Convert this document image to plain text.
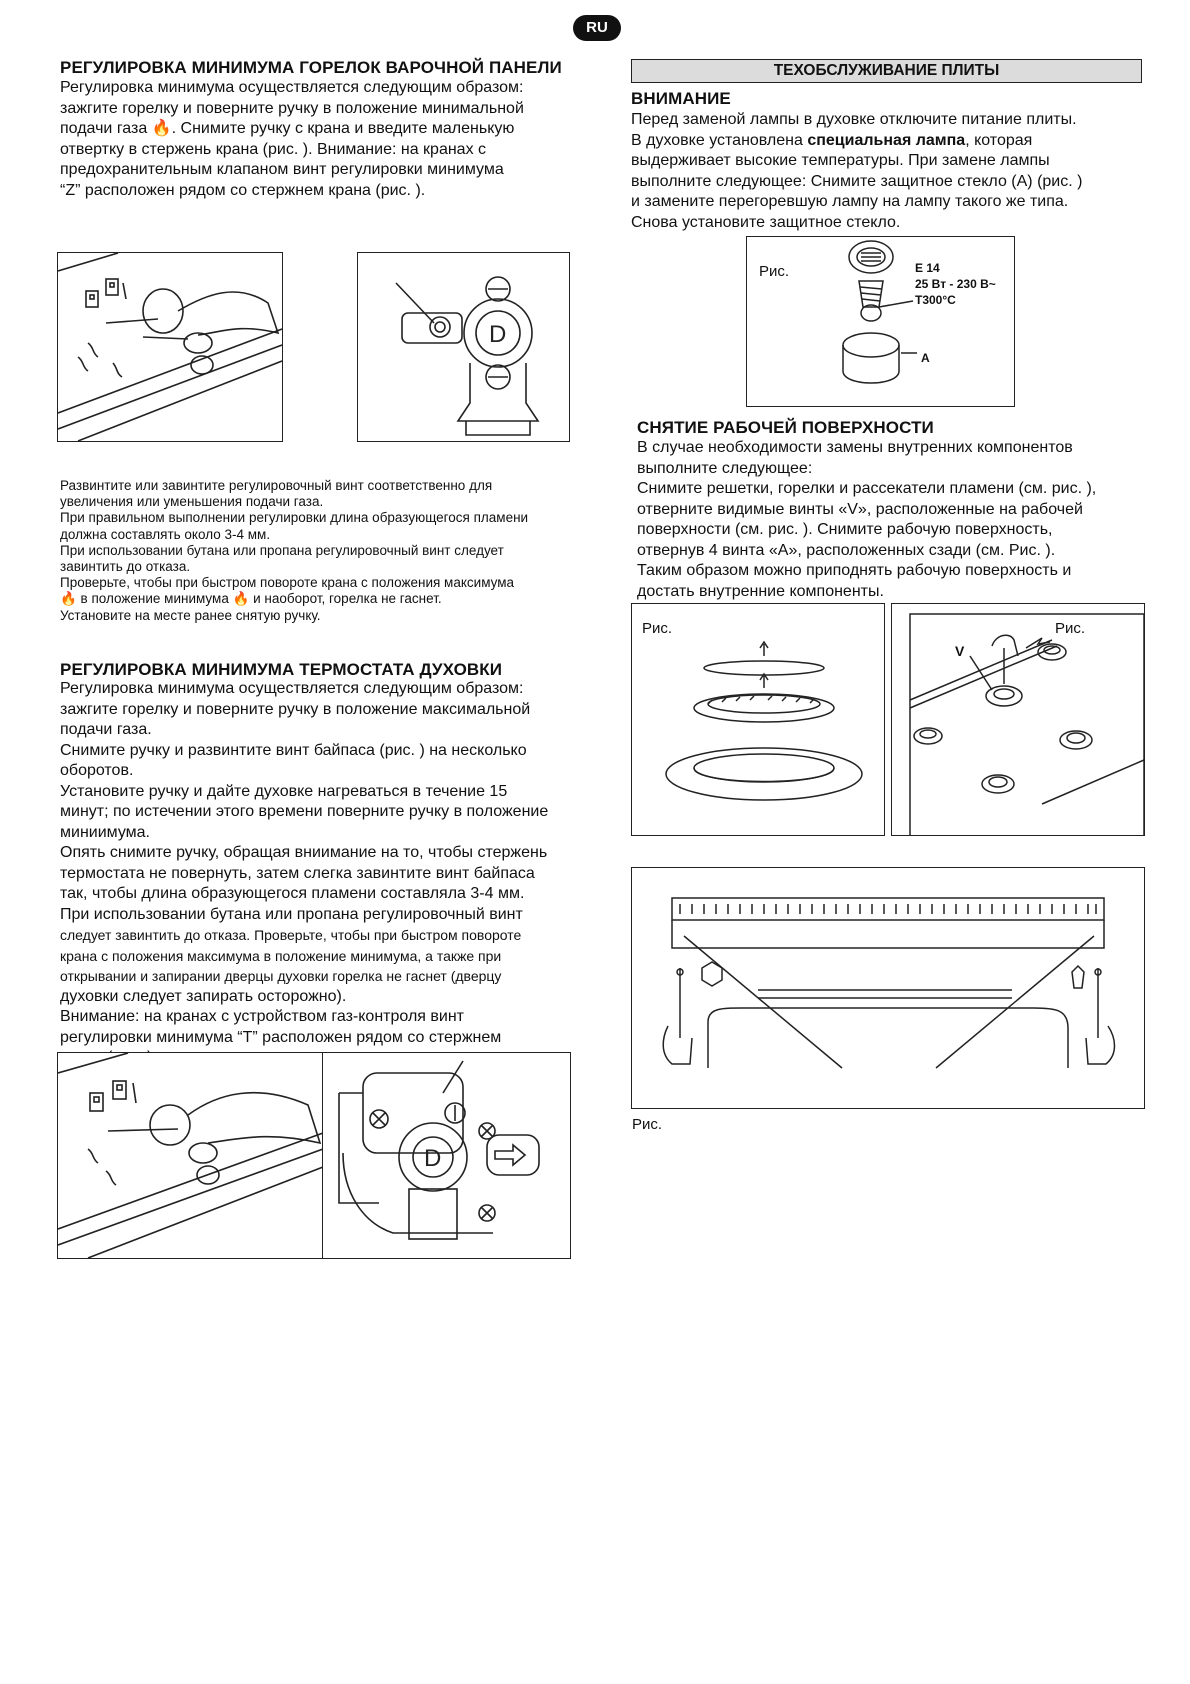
RU
РЕГУЛИРОВКА МИНИМУМА ГОРЕЛОК ВАРОЧНОЙ ПАНЕЛИ

Регулировка минимума осуществляется следующим образом:

зажгите горелку и поверните ручку в положение минимальной

подачи газа 🔥. Снимите ручку с крана и введите маленькую

отвертку в стержень крана (рис. ). Внимание: на кранах с

предохранительным клапаном винт регулировки минимума

“Z” расположен рядом со стержнем крана (рис. ).

D

Развинтите или завинтите регулировочный винт соответственно для

увеличения или уменьшения подачи газа.

При правильном выполнении регулировки длина образующегося пламени

должна составлять около 3-4 мм.

При использовании бутана или пропана регулировочный винт следует

завинтить до отказа.

Проверьте, чтобы при быстром повороте крана с положения максимума

🔥 в положение минимума 🔥 и наоборот, горелка не гаснет.

Установите на месте ранее снятую ручку.

РЕГУЛИРОВКА МИНИМУМА ТЕРМОСТАТА ДУХОВКИ

Регулировка минимума осуществляется следующим образом:

зажгите горелку и поверните ручку в положение максимальной

подачи газа.

Снимите ручку и развинтите винт байпаса (рис. ) на несколько

оборотов.

Установите ручку и дайте духовке нагреваться в течение 15

минут; по истечении этого времени поверните ручку в положение

миниимума.

Опять снимите ручку, обращая вниимание на то, чтобы стержень

термостата не повернуть, затем слегка завинтите винт байпаса

так, чтобы длина образующегося пламени составляла 3-4 мм.

При использовании бутана или пропана регулировочный винт

следует завинтить до отказа. Проверьте, чтобы при быстром повороте

крана с положения максимума в положение минимума, а также при

открывании и запирании дверцы духовки горелка не гаснет (дверцу

духовки следует запирать осторожно).

Внимание: на кранах с устройством газ-контроля винт

регулировки минимума “Т” расположен рядом со стержнем

D
ТЕХОБСЛУЖИВАНИЕ ПЛИТЫ
ВНИМАНИЕ

Перед заменой лампы в духовке отключите питание плиты.

В духовке установлена специальная лампа, которая

выдерживает высокие температуры. При замене лампы

выполните следующее: Снимите защитное стекло (А) (рис. )

и замените перегоревшую лампу на лампу такого же типа.

Снова установите защитное стекло.

Рис.	E 14
25 Вт - 230 В~
T300°C
A
СНЯТИЕ РАБОЧЕЙ ПОВЕРХНОСТИ

В случае необходимости замены внутренних компонентов

выполните следующее:

Снимите решетки, горелки и рассекатели пламени (см. рис. ),

отверните видимые винты «V», расположенные на рабочей

поверхности (см. рис. ). Снимите рабочую поверхность,

отвернув 4 винта «А», расположенных сзади (см. Рис. ).

Таким образом можно приподнять рабочую поверхность и

достать внутренние компоненты.

Рис.	Рис.
V
Рис.
